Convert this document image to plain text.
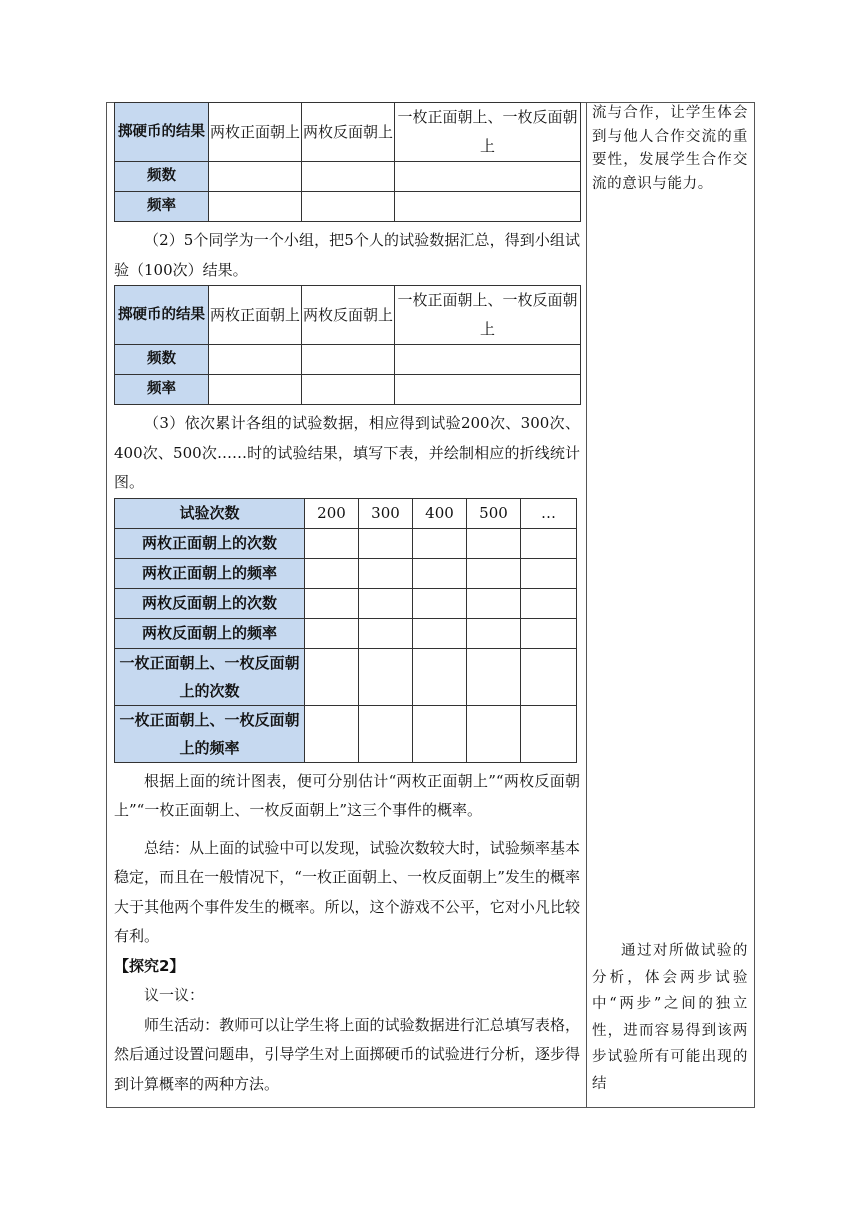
掷硬币的结果	两枚正面朝上	两枚反面朝上	一枚正面朝上、一枚反面朝上
频数			
频率			

（2）5个同学为一个小组，把5个人的试验数据汇总，得到小组试验（100次）结果。

掷硬币的结果	两枚正面朝上	两枚反面朝上	一枚正面朝上、一枚反面朝上
频数			
频率			

（3）依次累计各组的试验数据，相应得到试验200次、300次、400次、500次……时的试验结果，填写下表，并绘制相应的折线统计图。

试验次数	200	300	400	500	…
两枚正面朝上的次数					
两枚正面朝上的频率					
两枚反面朝上的次数					
两枚反面朝上的频率					
一枚正面朝上、一枚反面朝上的次数					
一枚正面朝上、一枚反面朝上的频率					

根据上面的统计图表，便可分别估计“两枚正面朝上”“两枚反面朝上”“一枚正面朝上、一枚反面朝上”这三个事件的概率。

总结：从上面的试验中可以发现，试验次数较大时，试验频率基本稳定，而且在一般情况下，“一枚正面朝上、一枚反面朝上”发生的概率大于其他两个事件发生的概率。所以，这个游戏不公平，它对小凡比较有利。

【探究2】

议一议：

师生活动：教师可以让学生将上面的试验数据进行汇总填写表格，然后通过设置问题串，引导学生对上面掷硬币的试验进行分析，逐步得到计算概率的两种方法。

流与合作，让学生体会到与他人合作交流的重要性，发展学生合作交流的意识与能力。

通过对所做试验的分析，体会两步试验中“两步”之间的独立性，进而容易得到该两步试验所有可能出现的结
